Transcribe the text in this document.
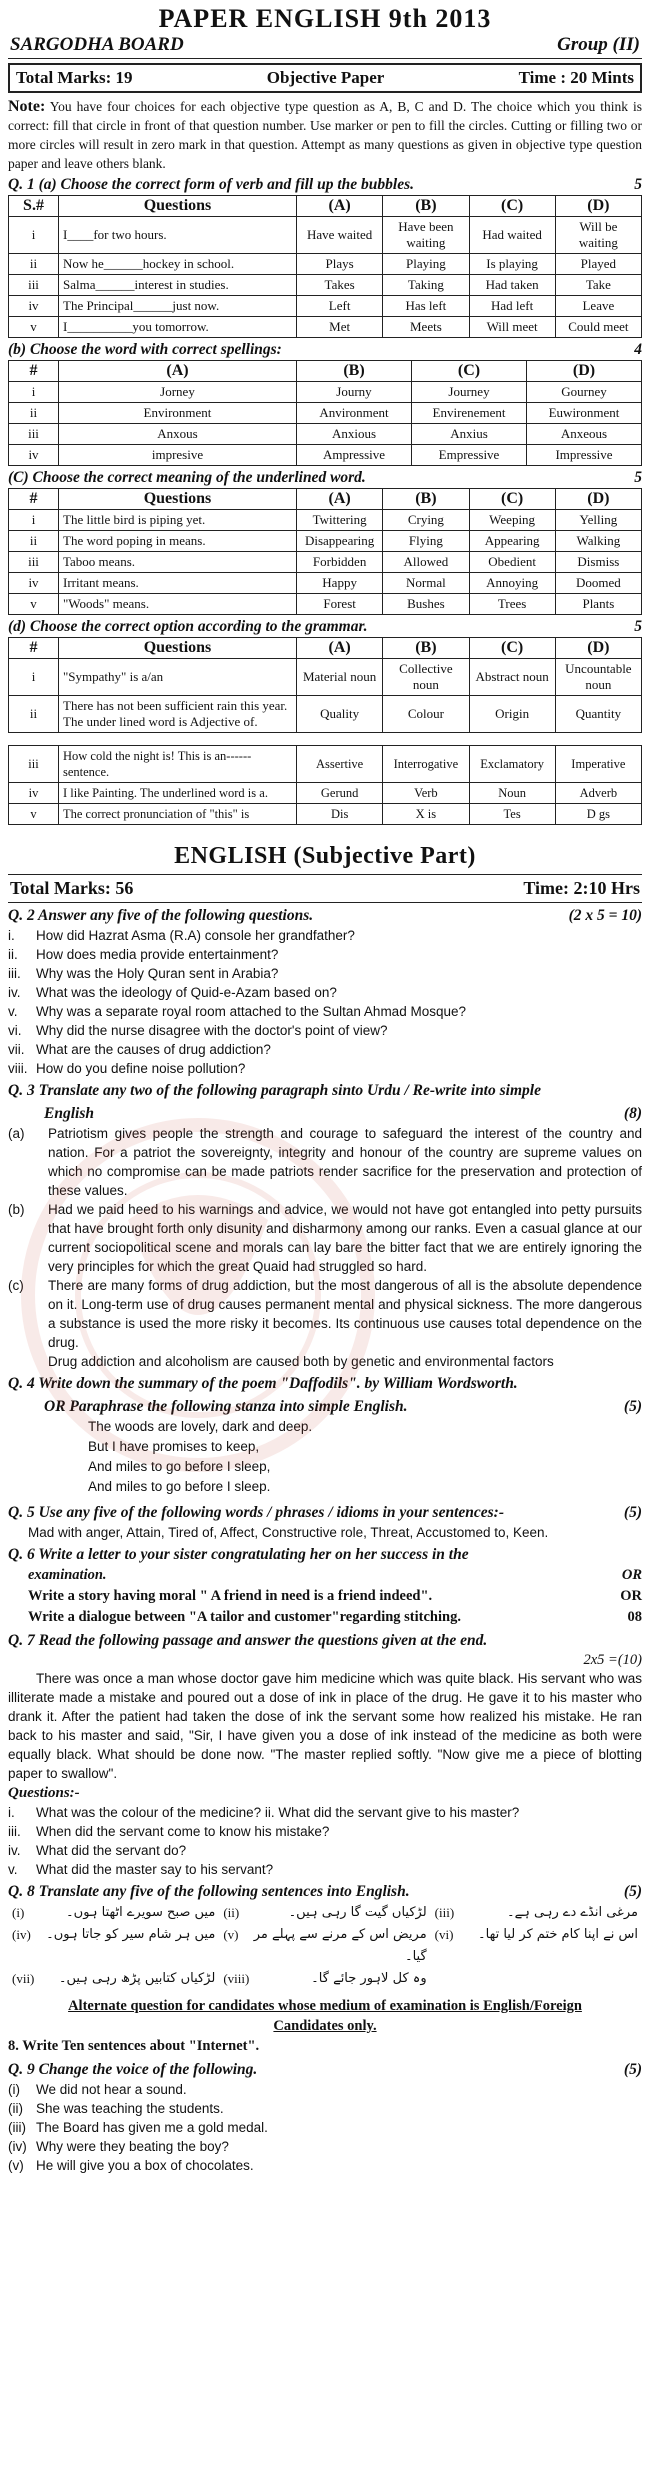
PAPER ENGLISH 9th 2013
SARGODHA BOARD	Group (II)
Total Marks: 19	Objective Paper	Time : 20 Mints
Note: You have four choices for each objective type question as A, B, C and D. The choice which you think is correct: fill that circle in front of that question number. Use marker or pen to fill the circles. Cutting or filling two or more circles will result in zero mark in that question. Attempt as many questions as given in objective type question paper and leave others blank.
Q. 1 (a) Choose the correct form of verb and fill up the bubbles.	5
S.#	Questions	(A)	(B)	(C)	(D)
i	I____for two hours.	Have waited	Have been waiting	Had waited	Will be waiting
ii	Now he______hockey in school.	Plays	Playing	Is playing	Played
iii	Salma______interest in studies.	Takes	Taking	Had taken	Take
iv	The Principal______just now.	Left	Has left	Had left	Leave
v	I__________you tomorrow.	Met	Meets	Will meet	Could meet
(b) Choose the word with correct spellings:	4
#	(A)	(B)	(C)	(D)
i	Jorney	Journy	Journey	Gourney
ii	Environment	Anvironment	Envirenement	Euwironment
iii	Anxous	Anxious	Anxius	Anxeous
iv	impresive	Ampressive	Empressive	Impressive
(C) Choose the correct meaning of the underlined word.	5
#	Questions	(A)	(B)	(C)	(D)
i	The little bird is piping yet.	Twittering	Crying	Weeping	Yelling
ii	The word poping in means.	Disappearing	Flying	Appearing	Walking
iii	Taboo means.	Forbidden	Allowed	Obedient	Dismiss
iv	Irritant means.	Happy	Normal	Annoying	Doomed
v	"Woods" means.	Forest	Bushes	Trees	Plants
(d) Choose the correct option according to the grammar.	5
#	Questions	(A)	(B)	(C)	(D)
i	"Sympathy" is a/an	Material noun	Collective noun	Abstract noun	Uncountable noun
ii	There has not been sufficient rain this year. The under lined word is Adjective of.	Quality	Colour	Origin	Quantity
iii	How cold the night is! This is an------sentence.	Assertive	Interrogative	Exclamatory	Imperative
iv	I like Painting. The underlined word is a.	Gerund	Verb	Noun	Adverb
v	The correct pronunciation of "this" is	Dis	X is	Tes	D gs
ENGLISH (Subjective Part)
Total Marks: 56	Time: 2:10 Hrs
Q. 2 Answer any five of the following questions.	(2 x 5 = 10)
i.	How did Hazrat Asma (R.A) console her grandfather?
ii.	How does media provide entertainment?
iii.	Why was the Holy Quran sent in Arabia?
iv.	What was the ideology of Quid-e-Azam based on?
v.	Why was a separate royal room attached to the Sultan Ahmad Mosque?
vi.	Why did the nurse disagree with the doctor's point of view?
vii. What are the causes of drug addiction?
viii. How do you define noise pollution?
Q. 3 Translate any two of the following paragraph sinto Urdu / Re-write into simple
English	(8)
(a)	Patriotism gives people the strength and courage to safeguard the interest of the country and nation. For a patriot the sovereignty, integrity and honour of the country are supreme values on which no compromise can be made patriots render sacrifice for the preservation and protection of these values.
(b)	Had we paid heed to his warnings and advice, we would not have got entangled into petty pursuits that have brought forth only disunity and disharmony among our ranks. Even a casual glance at our current sociopolitical scene and morals can lay bare the bitter fact that we are entirely ignoring the very principles for which the great Quaid had struggled so hard.
(c)	There are many forms of drug addiction, but the most dangerous of all is the absolute dependence on it. Long-term use of drug causes permanent mental and physical sickness. The more dangerous a substance is used the more risky it becomes. Its continuous use causes total dependence on the drug.
Drug addiction and alcoholism are caused both by genetic and environmental factors
Q. 4 Write down the summary of the poem "Daffodils". by William Wordsworth.
OR Paraphrase the following stanza into simple English.	(5)
The woods are lovely, dark and deep.
But I have promises to keep,
And miles to go before I sleep,
And miles to go before I sleep.
Q. 5 Use any five of the following words / phrases / idioms in your sentences:-	(5)
Mad with anger, Attain, Tired of, Affect, Constructive role, Threat, Accustomed to, Keen.
Q. 6 Write a letter to your sister congratulating her on her success in the
examination.	OR
Write a story having moral " A friend in need is a friend indeed".	OR
Write a dialogue between "A tailor and customer"regarding stitching.	08
Q. 7 Read the following passage and answer the questions given at the end.
2x5 =(10)
There was once a man whose doctor gave him medicine which was quite black. His servant who was illiterate made a mistake and poured out a dose of ink in place of the drug. He gave it to his master who drank it. After the patient had taken the dose of ink the servant some how realized his mistake. He ran back to his master and said, "Sir, I have given you a dose of ink instead of the medicine as both were equally black. What should be done now. "The master replied softly. "Now give me a piece of blotting paper to swallow".
Questions:-
i.	What was the colour of the medicine? ii. What did the servant give to his master?
iii.	When did the servant come to know his mistake?
iv.	What did the servant do?
v.	What did the master say to his servant?
Q. 8 Translate any five of the following sentences into English.	(5)
(i)	میں صبح سویرے اٹھتا ہوں۔ (ii)	لڑکیاں گیت گا رہی ہیں۔ (iii)	مرغی انڈے دے رہی ہے۔
(iv) میں ہر شام سیر کو جاتا ہوں۔ (v)	مریض اس کے مرنے سے پہلے مر گیا۔
(vi) اس نے اپنا کام ختم کر لیا تھا۔
(vii) لڑکیاں کتابیں پڑھ رہی ہیں۔ (viii)	وہ کل لاہور جائے گا۔
Alternate question for candidates whose medium of examination is English/Foreign
Candidates only.
8. Write Ten sentences about "Internet".
Q. 9 Change the voice of the following.	(5)
(i)	We did not hear a sound.
(ii) She was teaching the students.
(iii) The Board has given me a gold medal.
(iv) Why were they beating the boy?
(v) He will give you a box of chocolates.
